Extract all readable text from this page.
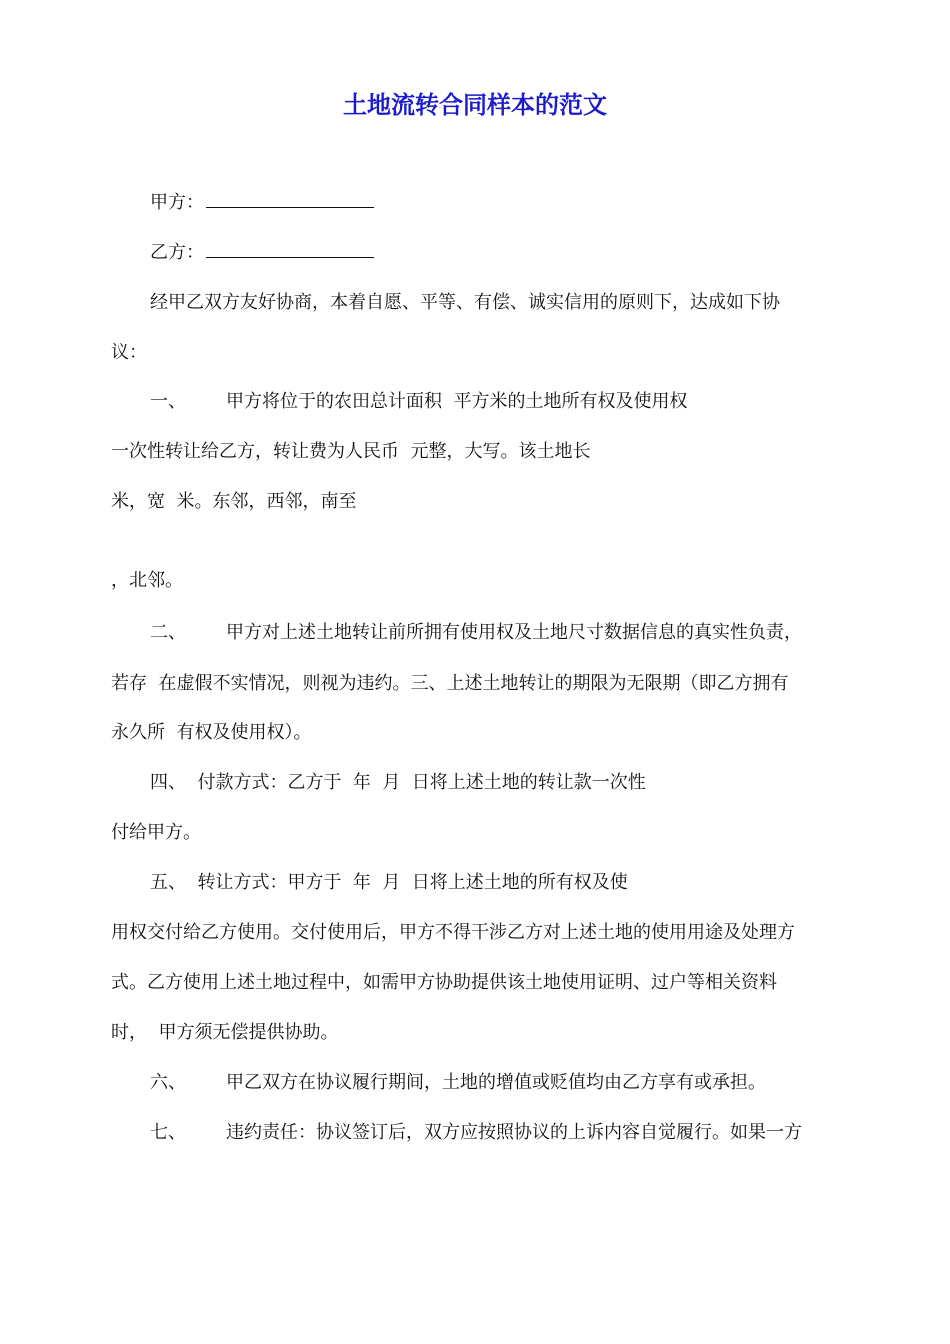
土地流转合同样本的范文
甲方：
乙方：
经甲乙双方友好协商，本着自愿、平等、有偿、诚实信用的原则下，达成如下协
议：
一、       甲方将位于的农田总计面积  平方米的土地所有权及使用权
一次性转让给乙方，转让费为人民币  元整，大写。该土地长
米，宽  米。东邻，西邻，南至
，北邻。
二、       甲方对上述土地转让前所拥有使用权及土地尺寸数据信息的真实性负责，
若存  在虚假不实情况，则视为违约。三、上述土地转让的期限为无限期（即乙方拥有
永久所  有权及使用权）。
四、  付款方式：乙方于  年  月  日将上述土地的转让款一次性
付给甲方。
五、  转让方式：甲方于  年  月  日将上述土地的所有权及使
用权交付给乙方使用。交付使用后，甲方不得干涉乙方对上述土地的使用用途及处理方
式。乙方使用上述土地过程中，如需甲方协助提供该土地使用证明、过户等相关资料
时，  甲方须无偿提供协助。
六、       甲乙双方在协议履行期间，土地的增值或贬值均由乙方享有或承担。
七、       违约责任：协议签订后，双方应按照协议的上诉内容自觉履行。如果一方
